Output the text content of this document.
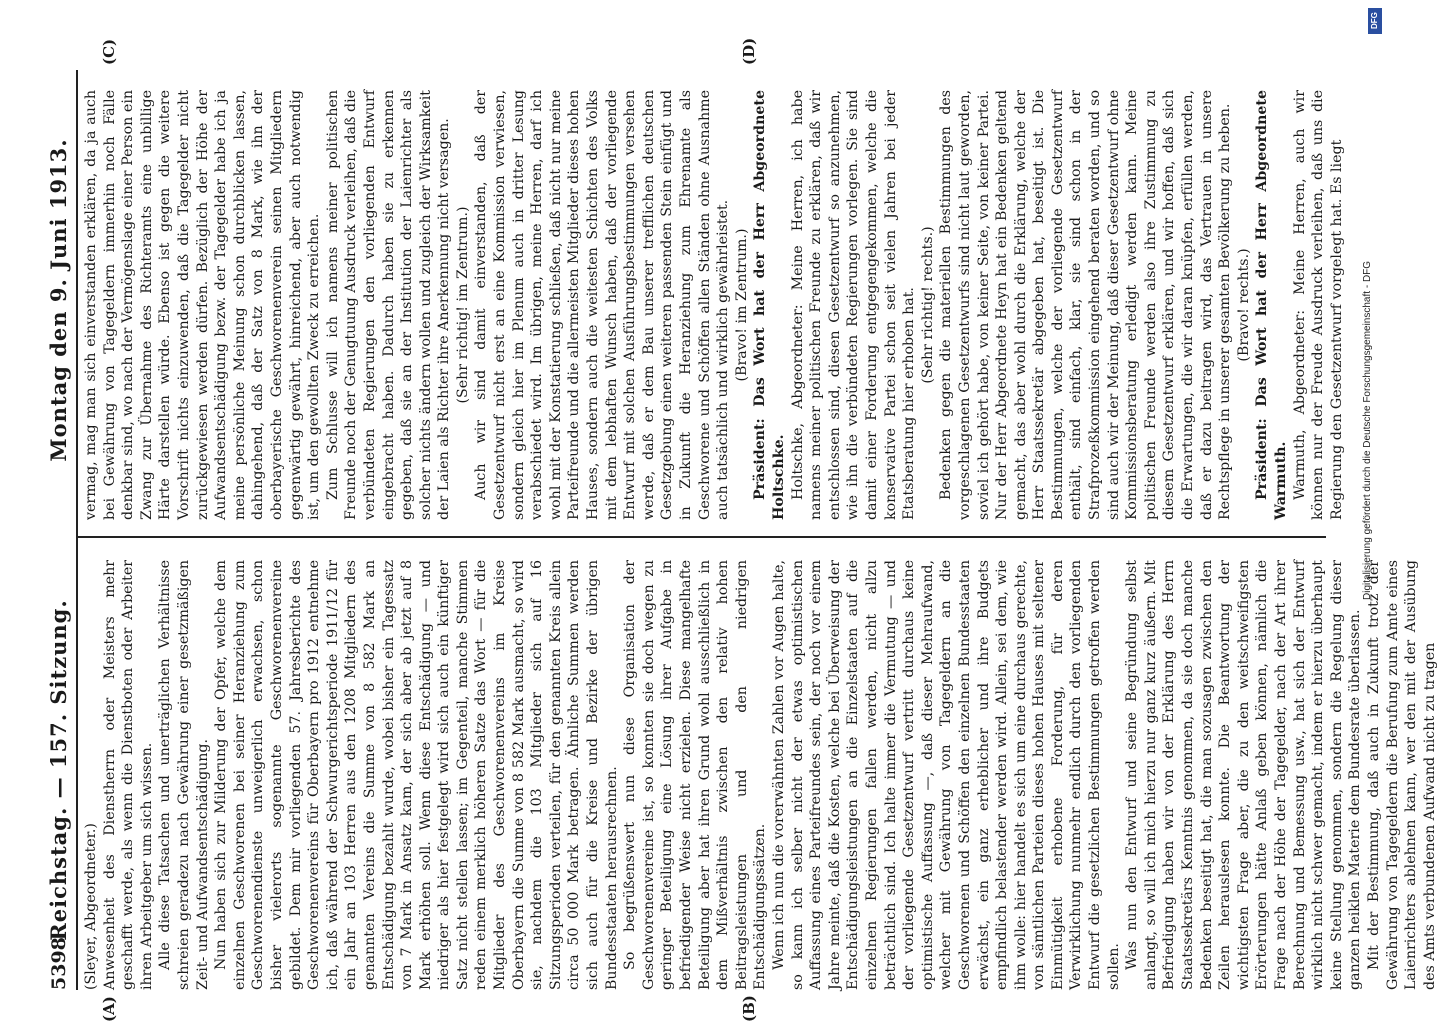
5398
Reichstag. — 157. Sitzung.
Montag den 9. Juni 1913.
(A)	(B)
(C)	(D)

(Sleyer, Abgeordneter.) Anwesenheit des Dienstherrn oder Meisters mehr geschafft werde, als wenn die Dienstboten oder Arbeiter ihren Arbeitgeber um sich wissen. Alle diese Tatsachen und unerträglichen Verhältnisse schreien geradezu nach Gewährung einer gesetzmäßigen Zeit- und Aufwandsentschädigung. Nun haben sich zur Milderung der Opfer, welche dem einzelnen Geschworenen bei seiner Heranziehung zum Geschworenendienste unweigerlich erwachsen, schon bisher vielerorts sogenannte Geschworenenvereine gebildet. Dem mir vorliegenden 57. Jahresberichte des Geschworenenvereins für Oberbayern pro 1912 entnehme ich, daß während der Schwurgerichtsperiode 1911/12 für ein Jahr an 103 Herren aus den 1208 Mitgliedern des genannten Vereins die Summe von 8 582 Mark an Entschädigung bezahlt wurde, wobei bisher ein Tagessatz von 7 Mark in Ansatz kam, der sich aber ab jetzt auf 8 Mark erhöhen soll. Wenn diese Entschädigung — und niedriger als hier festgelegt wird sich auch ein künftiger Satz nicht stellen lassen; im Gegenteil, manche Stimmen reden einem merklich höheren Satze das Wort — für die Mitglieder des Geschworenenvereins im Kreise Oberbayern die Summe von 8 582 Mark ausmacht, so wird sie, nachdem die 103 Mitglieder sich auf 16 Sitzungsperioden verteilen, für den genannten Kreis allein circa 50 000 Mark betragen. Ähnliche Summen werden sich auch für die Kreise und Bezirke der übrigen Bundesstaaten herausrechnen. So begrüßenswert nun diese Organisation der Geschworenenvereine ist, so konnten sie doch wegen zu geringer Beteiligung eine Lösung ihrer Aufgabe in befriedigender Weise nicht erzielen. Diese mangelhafte Beteiligung aber hat ihren Grund wohl ausschließlich in dem Mißverhältnis zwischen den relativ hohen Beitragsleistungen und den niedrigen Entschädigungssätzen. Wenn ich nun die vorerwähnten Zahlen vor Augen halte, so kann ich selber nicht der etwas optimistischen Auffassung eines Parteifreundes sein, der noch vor einem Jahre meinte, daß die Kosten, welche bei Überweisung der Entschädigungsleistungen an die Einzelstaaten auf die einzelnen Regierungen fallen werden, nicht allzu beträchtlich sind. Ich halte immer die Vermutung — und der vorliegende Gesetzentwurf vertritt durchaus keine optimistische Auffassung —, daß dieser Mehraufwand, welcher mit Gewährung von Tagegeldern an die Geschworenen und Schöffen den einzelnen Bundesstaaten erwächst, ein ganz erheblicher und ihre Budgets empfindlich belastender werden wird. Allein, sei dem, wie ihm wolle: hier handelt es sich um eine durchaus gerechte, von sämtlichen Parteien dieses hohen Hauses mit seltener Einmütigkeit erhobene Forderung, für deren Verwirklichung nunmehr endlich durch den vorliegenden Entwurf die gesetzlichen Bestimmungen getroffen werden sollen. Was nun den Entwurf und seine Begründung selbst anlangt, so will ich mich hierzu nur ganz kurz äußern. Mit Befriedigung haben wir von der Erklärung des Herrn Staatssekretärs Kenntnis genommen, da sie doch manche Bedenken beseitigt hat, die man sozusagen zwischen den Zeilen herauslesen konnte. Die Beantwortung der wichtigsten Frage aber, die zu den weitschweifigsten Erörterungen hätte Anlaß geben können, nämlich die Frage nach der Höhe der Tagegelder, nach der Art ihrer Berechnung und Bemessung usw., hat sich der Entwurf wirklich nicht schwer gemacht, indem er hierzu überhaupt keine Stellung genommen, sondern die Regelung dieser ganzen heiklen Materie dem Bundesrate überlassen. Mit der Bestimmung, daß auch in Zukunft trotz der Gewährung von Tagegeldern die Berufung zum Amte eines Laienrichters ablehnen kann, wer den mit der Ausübung des Amts verbundenen Aufwand nicht zu tragen

vermag, mag man sich einverstanden erklären, da ja auch bei Gewährung von Tagegeldern immerhin noch Fälle denkbar sind, wo nach der Vermögenslage einer Person ein Zwang zur Übernahme des Richteramts eine unbillige Härte darstellen würde. Ebenso ist gegen die weitere Vorschrift nichts einzuwenden, daß die Tagegelder nicht zurückgewiesen werden dürfen. Bezüglich der Höhe der Aufwandsentschädigung bezw. der Tagegelder habe ich ja meine persönliche Meinung schon durchblicken lassen, dahingehend, daß der Satz von 8 Mark, wie ihn der oberbayerische Geschworenenverein seinen Mitgliedern gegenwärtig gewährt, hinreichend, aber auch notwendig ist, um den gewollten Zweck zu erreichen. Zum Schlusse will ich namens meiner politischen Freunde noch der Genugtuung Ausdruck verleihen, daß die verbündeten Regierungen den vorliegenden Entwurf eingebracht haben. Dadurch haben sie zu erkennen gegeben, daß sie an der Institution der Laienrichter als solcher nichts ändern wollen und zugleich der Wirksamkeit der Laien als Richter ihre Anerkennung nicht versagen. (Sehr richtig! im Zentrum.) Auch wir sind damit einverstanden, daß der Gesetzentwurf nicht erst an eine Kommission verwiesen, sondern gleich hier im Plenum auch in dritter Lesung verabschiedet wird. Im übrigen, meine Herren, darf ich wohl mit der Konstatierung schließen, daß nicht nur meine Parteifreunde und die allermeisten Mitglieder dieses hohen Hauses, sondern auch die weitesten Schichten des Volks mit dem lebhaften Wunsch haben, daß der vorliegende Entwurf mit solchen Ausführungsbestimmungen versehen werde, daß er dem Bau unserer trefflichen deutschen Gesetzgebung einen weiteren passenden Stein einfügt und in Zukunft die Heranziehung zum Ehrenamte als Geschworene und Schöffen allen Ständen ohne Ausnahme auch tatsächlich und wirklich gewährleistet. (Bravo! im Zentrum.) Präsident: Das Wort hat der Herr Abgeordnete Holtschke. Holtschke, Abgeordneter: Meine Herren, ich habe namens meiner politischen Freunde zu erklären, daß wir entschlossen sind, diesen Gesetzentwurf so anzunehmen, wie ihn die verbündeten Regierungen vorlegen. Sie sind damit einer Forderung entgegengekommen, welche die konservative Partei schon seit vielen Jahren bei jeder Etatsberatung hier erhoben hat. (Sehr richtig! rechts.) Bedenken gegen die materiellen Bestimmungen des vorgeschlagenen Gesetzentwurfs sind nicht laut geworden, soviel ich gehört habe, von keiner Seite, von keiner Partei. Nur der Herr Abgeordnete Heyn hat ein Bedenken geltend gemacht, das aber wohl durch die Erklärung, welche der Herr Staatssekretär abgegeben hat, beseitigt ist. Die Bestimmungen, welche der vorliegende Gesetzentwurf enthält, sind einfach, klar, sie sind schon in der Strafprozeßkommission eingehend beraten worden, und so sind auch wir der Meinung, daß dieser Gesetzentwurf ohne Kommissionsberatung erledigt werden kann. Meine politischen Freunde werden also ihre Zustimmung zu diesem Gesetzentwurf erklären, und wir hoffen, daß sich die Erwartungen, die wir daran knüpfen, erfüllen werden, daß er dazu beitragen wird, das Vertrauen in unsere Rechtspflege in unserer gesamten Bevölkerung zu heben. (Bravo! rechts.) Präsident: Das Wort hat der Herr Abgeordnete Warmuth. Warmuth, Abgeordneter: Meine Herren, auch wir können nur der Freude Ausdruck verleihen, daß uns die Regierung den Gesetzentwurf vorgelegt hat. Es liegt

DFG
Digitalisierung gefördert durch die Deutsche Forschungsgemeinschaft - DFG
